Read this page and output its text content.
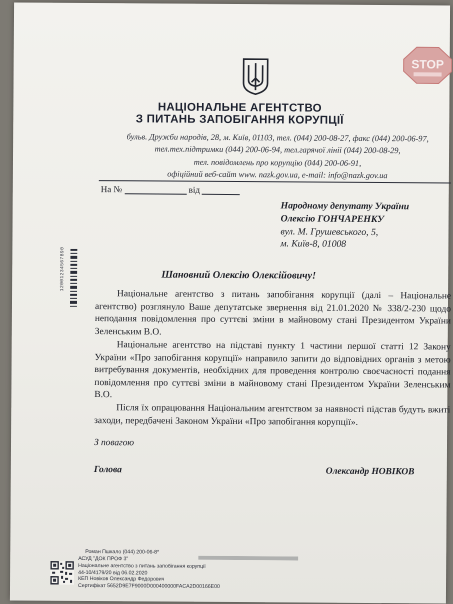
STOP
НАЦІОНАЛЬНЕ АГЕНТСТВО
З ПИТАНЬ ЗАПОБІГАННЯ КОРУПЦІЇ
бульв. Дружби народів, 28, м. Київ, 01103, тел. (044) 200-08-27, факс (044) 200-06-97,
тел.тех.підтримки (044) 200-06-94, тел.гарячої лінії (044) 200-08-29,
тел. повідомлень про корупцію (044) 200-06-91,
офіційний веб-сайт www. nazk.gov.ua, e-mail: info@nazk.gov.ua
На №	від
Народному депутату України
Олексію ГОНЧАРЕНКУ
вул. М. Грушевського, 5,
м. Київ-8, 01008
12001234567890	Шановний Олексію Олексійовичу!

Національне агентство з питань запобігання корупції (далі – Національне агентство) розглянуло Ваше депутатське звернення від 21.01.2020 № 338/2-230 щодо неподання повідомлення про суттєві зміни в майновому стані Президентом України Зеленським В.О.

Національне агентство на підставі пункту 1 частини першої статті 12 Закону України «Про запобігання корупції» направило запити до відповідних органів з метою витребування документів, необхідних для проведення контролю своєчасності подання повідомлення про суттєві зміни в майновому стані Президентом України Зеленським В.О.

Після їх опрацювання Національним агентством за наявності підстав будуть вжиті заходи, передбачені Законом України «Про запобігання корупції».

З повагою
Голова	Олександр НОВІКОВ
Роман Пшкало (044) 200-06-8*
АСУД "ДОК ПРОФ 3"
Національне агентство з питань запобігання корупції
44-10/4179/20 від 06.02.2020
КЕП Новіков Олександр Федорович
Сертифікат 5652D9E7F9000D000400000FACA2D00166E00
